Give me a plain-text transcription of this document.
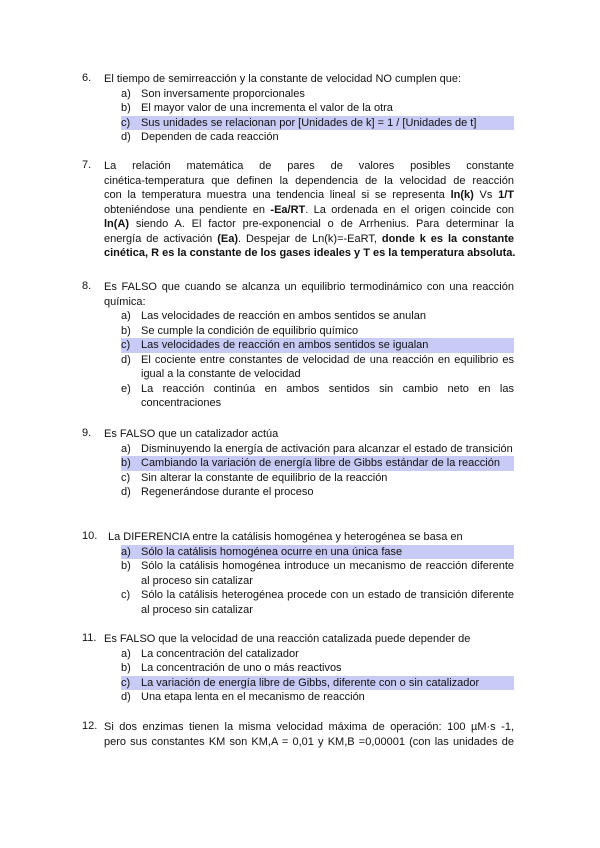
6. El tiempo de semirreacción y la constante de velocidad NO cumplen que:
a) Son inversamente proporcionales
b) El mayor valor de una incrementa el valor de la otra
c) Sus unidades se relacionan por [Unidades de k] = 1 / [Unidades de t]
d) Dependen de cada reacción
7. La relación matemática de pares de valores posibles constante
cinética-temperatura que definen la dependencia de la velocidad de reacción
con la temperatura muestra una tendencia lineal si se representa ln(k) Vs 1/T
obteniéndose una pendiente en -Ea/RT. La ordenada en el origen coincide con
ln(A) siendo A. El factor pre-exponencial o de Arrhenius. Para determinar la
energía de activación (Ea). Despejar de Ln(k)=-EaRT, donde k es la constante
cinética, R es la constante de los gases ideales y T es la temperatura absoluta.
8. Es FALSO que cuando se alcanza un equilibrio termodinámico con una reacción
química:
a) Las velocidades de reacción en ambos sentidos se anulan
b) Se cumple la condición de equilibrio químico
c) Las velocidades de reacción en ambos sentidos se igualan
d) El cociente entre constantes de velocidad de una reacción en equilibrio es igual a la constante de velocidad
e) La reacción continúa en ambos sentidos sin cambio neto en las concentraciones
9. Es FALSO que un catalizador actúa
a) Disminuyendo la energía de activación para alcanzar el estado de transición
b) Cambiando la variación de energía libre de Gibbs estándar de la reacción
c) Sin alterar la constante de equilibrio de la reacción
d) Regenerándose durante el proceso
10. La DIFERENCIA entre la catálisis homogénea y heterogénea se basa en
a) Sólo la catálisis homogénea ocurre en una única fase
b) Sólo la catálisis homogénea introduce un mecanismo de reacción diferente al proceso sin catalizar
c) Sólo la catálisis heterogénea procede con un estado de transición diferente al proceso sin catalizar
11. Es FALSO que la velocidad de una reacción catalizada puede depender de
a) La concentración del catalizador
b) La concentración de uno o más reactivos
c) La variación de energía libre de Gibbs, diferente con o sin catalizador
d) Una etapa lenta en el mecanismo de reacción
12. Si dos enzimas tienen la misma velocidad máxima de operación: 100 µM·s -1,
pero sus constantes KM son KM,A = 0,01 y KM,B =0,00001 (con las unidades de
